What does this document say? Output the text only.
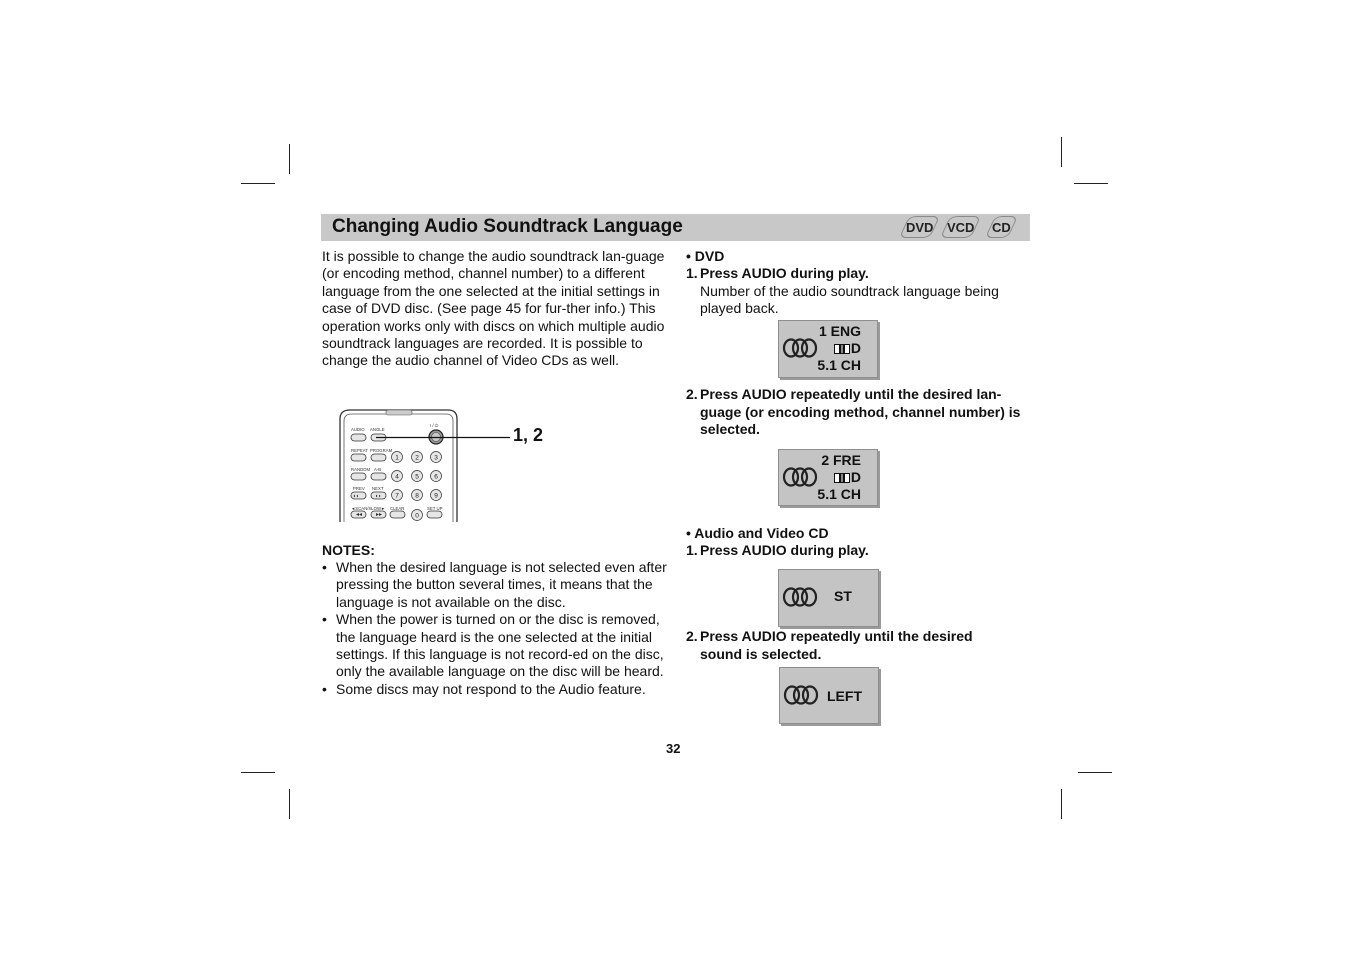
Changing Audio Soundtrack Language	DVD VCD CD
It is possible to change the audio soundtrack lan-guage (or encoding method, channel number) to a different language from the one selected at the initial settings in case of DVD disc. (See page 45 for fur-ther info.) This operation works only with discs on which multiple audio soundtrack languages are recorded. It is possible to change the audio channel of Video CDs as well.
AUDIO ANGLE
I / ⏻
REPEAT PROGRAM
RANDOM A-B
PREV NEXT
◄SCAN/SLOW► CLEAR	SET UP
1	2 3
4	5 6
7	8 9
0
1, 2
NOTES:
• When the desired language is not selected even after pressing the button several times, it means that the language is not available on the disc.
• When the power is turned on or the disc is removed, the language heard is the one selected at the initial settings. If this language is not record-ed on the disc, only the available language on the disc will be heard.
• Some discs may not respond to the Audio feature.
• DVD
1. Press AUDIO during play.
Number of the audio soundtrack language being played back.
1 ENG
D
5.1 CH
2. Press AUDIO repeatedly until the desired lan-guage (or encoding method, channel number) is selected.
2 FRE
D
5.1 CH
• Audio and Video CD
1. Press AUDIO during play.
ST
2. Press AUDIO repeatedly until the desired sound is selected.
LEFT
32
